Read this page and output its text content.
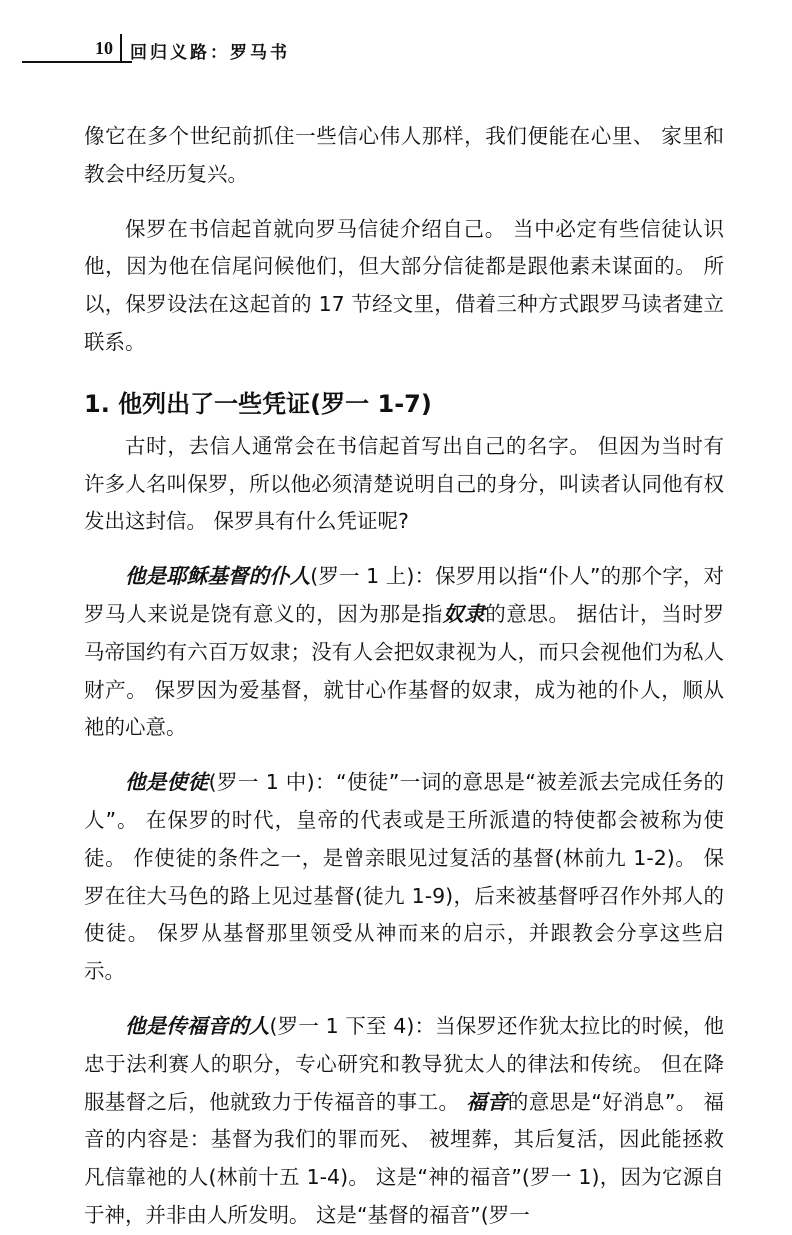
10 回归义路：罗马书

像它在多个世纪前抓住一些信心伟人那样，我们便能在心里、 家里和教会中经历复兴。

保罗在书信起首就向罗马信徒介绍自己。 当中必定有些信徒认识他，因为他在信尾问候他们，但大部分信徒都是跟他素未谋面的。 所以，保罗设法在这起首的 17 节经文里，借着三种方式跟罗马读者建立联系。

1. 他列出了一些凭证(罗一 1-7)

古时，去信人通常会在书信起首写出自己的名字。 但因为当时有许多人名叫保罗，所以他必须清楚说明自己的身分，叫读者认同他有权发出这封信。 保罗具有什么凭证呢?

他是耶稣基督的仆人(罗一 1 上)：保罗用以指“仆人”的那个字，对罗马人来说是饶有意义的，因为那是指奴隶的意思。 据估计，当时罗马帝国约有六百万奴隶；没有人会把奴隶视为人，而只会视他们为私人财产。 保罗因为爱基督，就甘心作基督的奴隶，成为祂的仆人，顺从祂的心意。

他是使徒(罗一 1 中)：“使徒”一词的意思是“被差派去完成任务的人”。 在保罗的时代，皇帝的代表或是王所派遣的特使都会被称为使徒。 作使徒的条件之一，是曾亲眼见过复活的基督(林前九 1-2)。 保罗在往大马色的路上见过基督(徒九 1-9)，后来被基督呼召作外邦人的使徒。 保罗从基督那里领受从神而来的启示，并跟教会分享这些启示。

他是传福音的人(罗一 1 下至 4)：当保罗还作犹太拉比的时候，他忠于法利赛人的职分，专心研究和教导犹太人的律法和传统。 但在降服基督之后，他就致力于传福音的事工。 福音的意思是“好消息”。 福音的内容是：基督为我们的罪而死、 被埋葬，其后复活，因此能拯救凡信靠祂的人(林前十五 1-4)。 这是“神的福音”(罗一 1)，因为它源自于神，并非由人所发明。 这是“基督的福音”(罗一
